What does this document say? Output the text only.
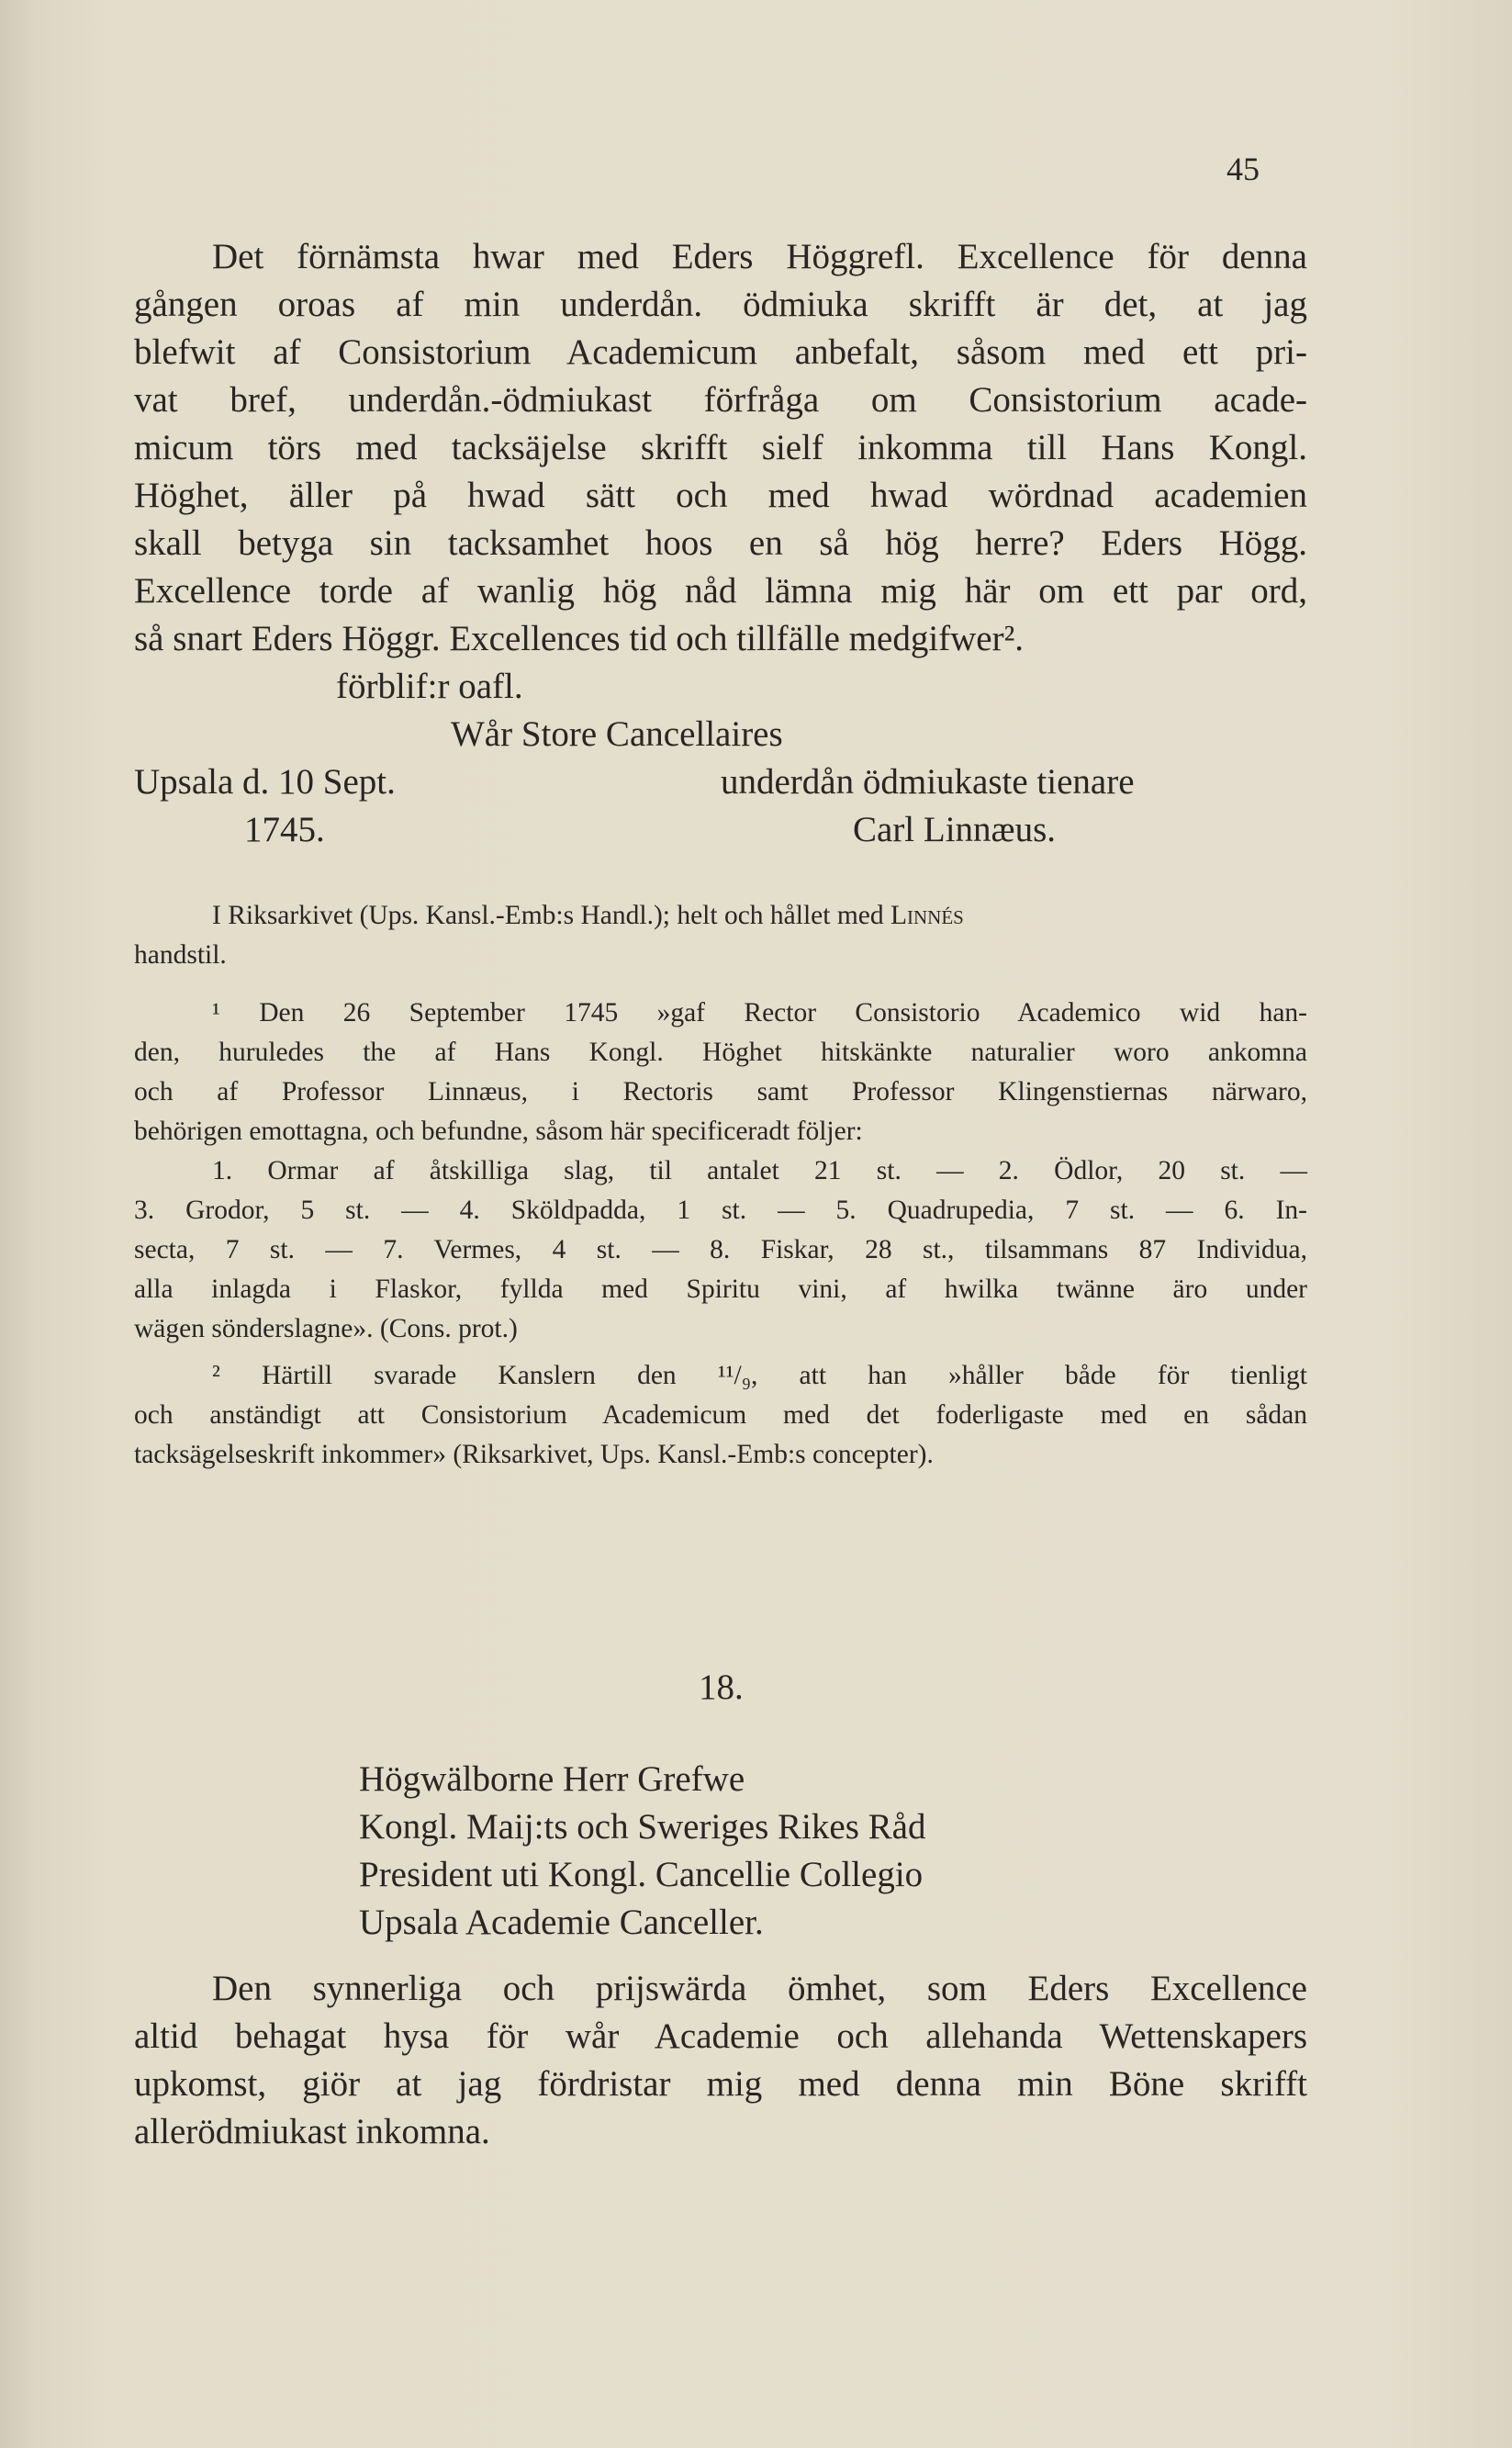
45
Det förnämsta hwar med Eders Höggrefl. Excellence för denna
gången oroas af min underdån. ödmiuka skrifft är det, at jag
blefwit af Consistorium Academicum anbefalt, såsom med ett pri-
vat bref, underdån.-ödmiukast förfråga om Consistorium acade-
micum törs med tacksäjelse skrifft sielf inkomma till Hans Kongl.
Höghet, äller på hwad sätt och med hwad wördnad academien
skall betyga sin tacksamhet hoos en så hög herre? Eders Högg.
Excellence torde af wanlig hög nåd lämna mig här om ett par ord,
så snart Eders Höggr. Excellences tid och tillfälle medgifwer².
förblif:r oafl.
Wår Store Cancellaires
Upsala d. 10 Sept.	underdån ödmiukaste tienare
1745.	Carl Linnæus.
I Riksarkivet (Ups. Kansl.-Emb:s Handl.); helt och hållet med Linnés
handstil.
¹ Den 26 September 1745 »gaf Rector Consistorio Academico wid han-
den, huruledes the af Hans Kongl. Höghet hitskänkte naturalier woro ankomna
och af Professor Linnæus, i Rectoris samt Professor Klingenstiernas närwaro,
behörigen emottagna, och befundne, såsom här specificeradt följer:
1. Ormar af åtskilliga slag, til antalet 21 st. — 2. Ödlor, 20 st. —
3. Grodor, 5 st. — 4. Sköldpadda, 1 st. — 5. Quadrupedia, 7 st. — 6. In-
secta, 7 st. — 7. Vermes, 4 st. — 8. Fiskar, 28 st., tilsammans 87 Individua,
alla inlagda i Flaskor, fyllda med Spiritu vini, af hwilka twänne äro under
wägen sönderslagne». (Cons. prot.)
² Härtill svarade Kanslern den ¹¹/₉, att han »håller både för tienligt
och anständigt att Consistorium Academicum med det foderligaste med en sådan
tacksägelseskrift inkommer» (Riksarkivet, Ups. Kansl.-Emb:s concepter).
18.
Högwälborne Herr Grefwe
Kongl. Maij:ts och Sweriges Rikes Råd
President uti Kongl. Cancellie Collegio
Upsala Academie Canceller.
Den synnerliga och prijswärda ömhet, som Eders Excellence
altid behagat hysa för wår Academie och allehanda Wettenskapers
upkomst, giör at jag fördristar mig med denna min Böne skrifft
allerödmiukast inkomna.
